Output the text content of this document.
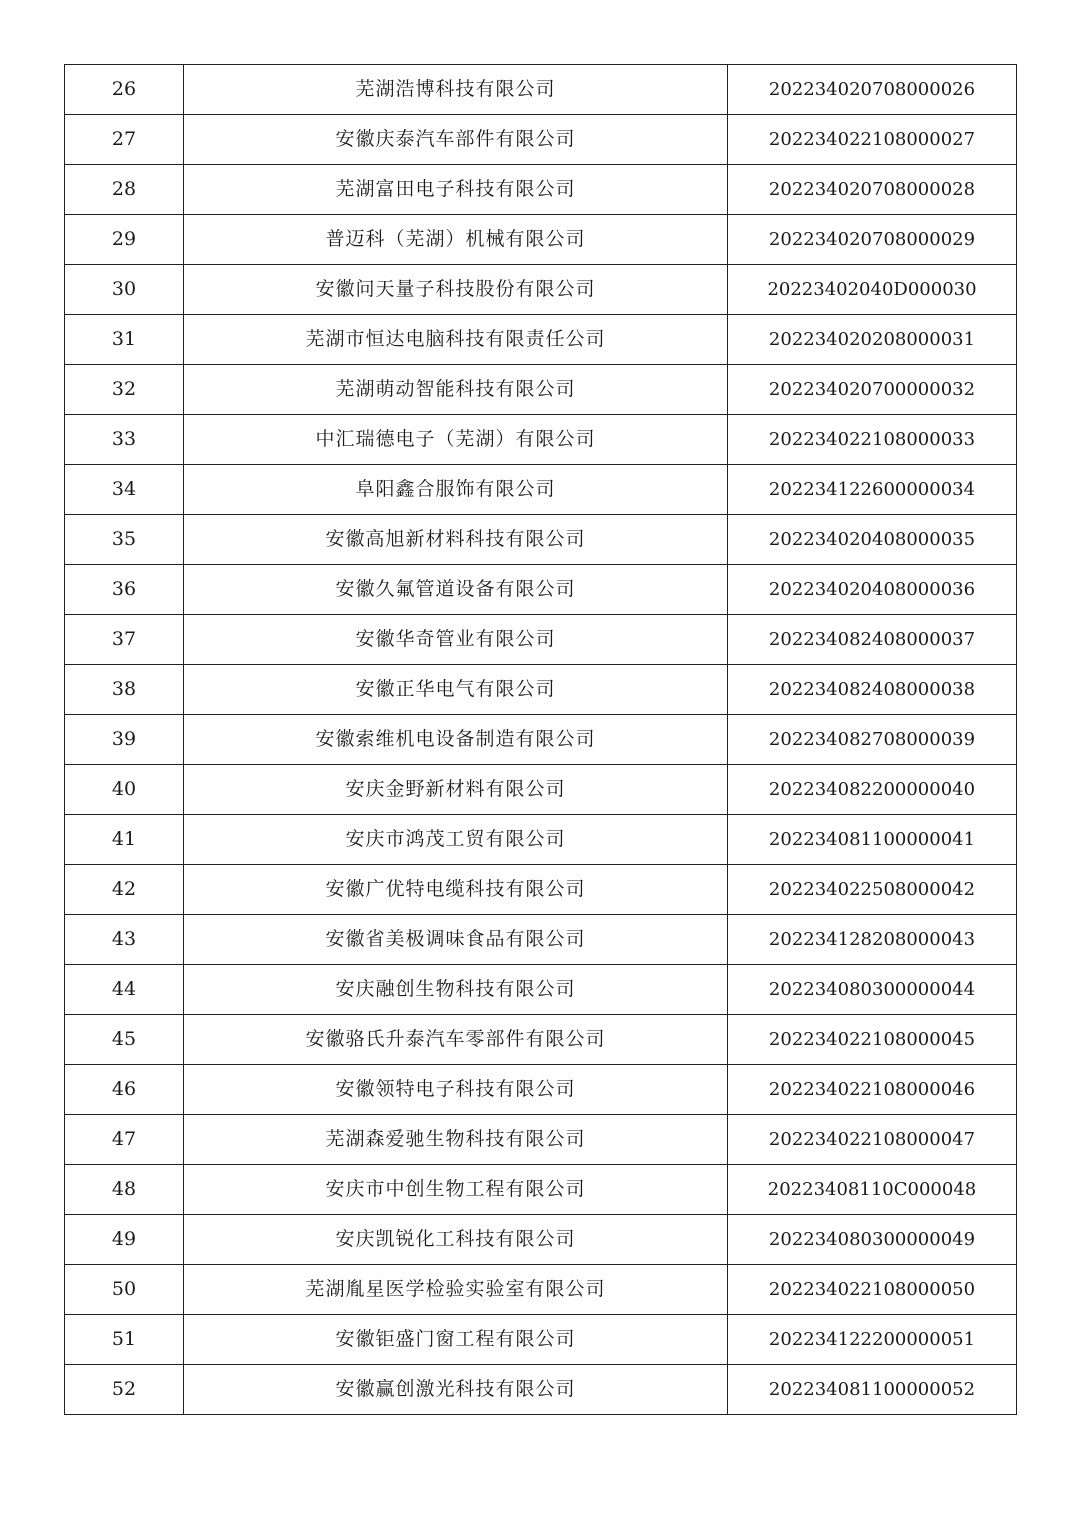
26	芜湖浩博科技有限公司	202234020708000026
27	安徽庆泰汽车部件有限公司	202234022108000027
28	芜湖富田电子科技有限公司	202234020708000028
29	普迈科（芜湖）机械有限公司	202234020708000029
30	安徽问天量子科技股份有限公司	20223402040D000030
31	芜湖市恒达电脑科技有限责任公司	202234020208000031
32	芜湖萌动智能科技有限公司	202234020700000032
33	中汇瑞德电子（芜湖）有限公司	202234022108000033
34	阜阳鑫合服饰有限公司	202234122600000034
35	安徽高旭新材料科技有限公司	202234020408000035
36	安徽久氟管道设备有限公司	202234020408000036
37	安徽华奇管业有限公司	202234082408000037
38	安徽正华电气有限公司	202234082408000038
39	安徽索维机电设备制造有限公司	202234082708000039
40	安庆金野新材料有限公司	202234082200000040
41	安庆市鸿茂工贸有限公司	202234081100000041
42	安徽广优特电缆科技有限公司	202234022508000042
43	安徽省美极调味食品有限公司	202234128208000043
44	安庆融创生物科技有限公司	202234080300000044
45	安徽骆氏升泰汽车零部件有限公司	202234022108000045
46	安徽领特电子科技有限公司	202234022108000046
47	芜湖森爱驰生物科技有限公司	202234022108000047
48	安庆市中创生物工程有限公司	20223408110C000048
49	安庆凯锐化工科技有限公司	202234080300000049
50	芜湖胤星医学检验实验室有限公司	202234022108000050
51	安徽钜盛门窗工程有限公司	202234122200000051
52	安徽赢创激光科技有限公司	202234081100000052
